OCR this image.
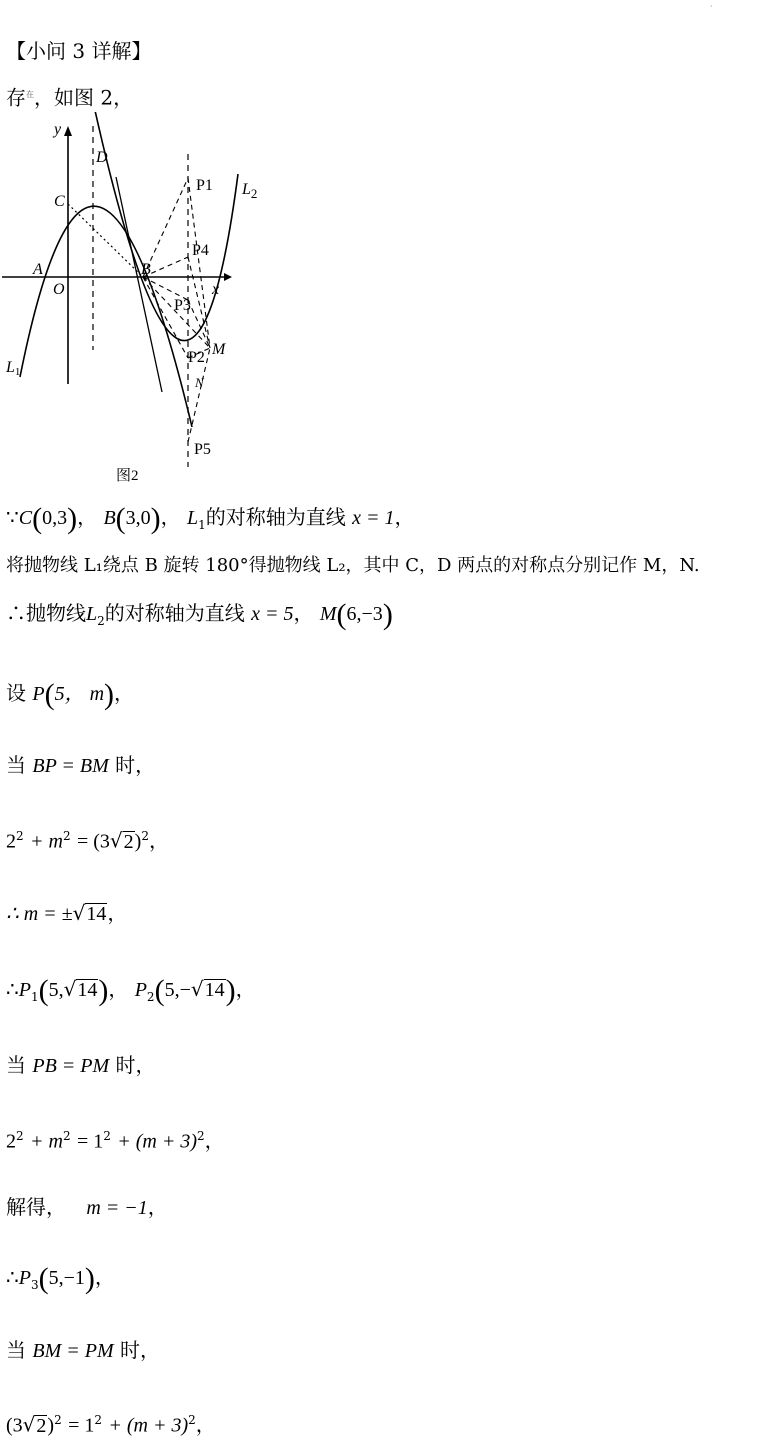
·
【小问 3 详解】
存$^在$，如图 2，
y
x
D
C
A
O
B
L1
$L_2$
P1
P4
P3
P2 M
N
P5
图2
∵C(0,3)， B(3,0)， $L_1$的对称轴为直线 x = 1，
将抛物线 L₁绕点 B 旋转 180°得抛物线 L₂，其中 C，D 两点的对称点分别记作 M，N.
∴抛物线$L_2$的对称轴为直线 x = 5， M(6,−3)
设 P(5， m)，
当 BP = BM 时，
$2^2 + m^2 = (3√2)^2$，
∴ m = ±√14，
$\therefore P_1(5,√14)$， $P_2(5,-√14)$，
当 PB = PM 时，
$2^2 + m^2 = 1^2 + (m + 3)^2$，
解得， m = −1，
$\therefore P_3(5,-1)$，
当 BM = PM 时，
$(3√2)^2 = 1^2 + (m + 3)^2$，
